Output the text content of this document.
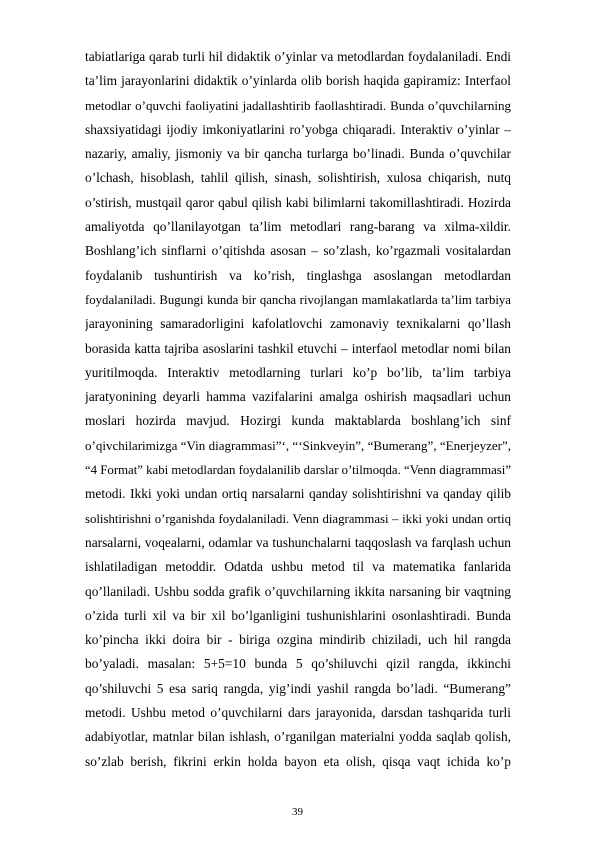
tabiatlariga qarab turli hil didaktik o’yinlar va metodlardan foydalaniladi. Endi
ta’lim jarayonlarini didaktik o’yinlarda olib borish haqida gapiramiz: Interfaol
metodlar o’quvchi faoliyatini jadallashtirib faollashtiradi. Bunda o’quvchilarning
shaxsiyatidagi ijodiy imkoniyatlarini ro’yobga chiqaradi. Interaktiv o’yinlar –
nazariy, amaliy, jismoniy va bir qancha turlarga bo’linadi. Bunda o’quvchilar
o’lchash, hisoblash, tahlil qilish, sinash, solishtirish, xulosa chiqarish, nutq
o’stirish, mustqail qaror qabul qilish kabi bilimlarni takomillashtiradi. Hozirda
amaliyotda qo’llanilayotgan ta’lim metodlari rang-barang va xilma-xildir.
Boshlang’ich sinflarni o’qitishda asosan – so’zlash, ko’rgazmali vositalardan
foydalanib tushuntirish va ko’rish, tinglashga asoslangan metodlardan
foydalaniladi. Bugungi kunda bir qancha rivojlangan mamlakatlarda ta’lim tarbiya
jarayonining samaradorligini kafolatlovchi zamonaviy texnikalarni qo’llash
borasida katta tajriba asoslarini tashkil etuvchi – interfaol metodlar nomi bilan
yuritilmoqda. Interaktiv metodlarning turlari ko’p bo’lib, ta’lim tarbiya
jaratyonining deyarli hamma vazifalarini amalga oshirish maqsadlari uchun
moslari hozirda mavjud. Hozirgi kunda maktablarda boshlang’ich sinf
o’qivchilarimizga “Vin diagrammasi”‘, “‘Sinkveyin”, “Bumerang”, “Enerjeyzer”,
“4 Format” kabi metodlardan foydalanilib darslar o’tilmoqda. “Venn diagrammasi”
metodi. Ikki yoki undan ortiq narsalarni qanday solishtirishni va qanday qilib
solishtirishni o’rganishda foydalaniladi. Venn diagrammasi – ikki yoki undan ortiq
narsalarni, voqealarni, odamlar va tushunchalarni taqqoslash va farqlash uchun
ishlatiladigan metoddir. Odatda ushbu metod til va matematika fanlarida
qo’llaniladi. Ushbu sodda grafik o’quvchilarning ikkita narsaning bir vaqtning
o’zida turli xil va bir xil bo’lganligini tushunishlarini osonlashtiradi. Bunda
ko’pincha ikki doira bir - biriga ozgina mindirib chiziladi, uch hil rangda
bo’yaladi. masalan: 5+5=10 bunda 5 qo’shiluvchi qizil rangda, ikkinchi
qo’shiluvchi 5 esa sariq rangda, yig’indi yashil rangda bo’ladi. “Bumerang”
metodi. Ushbu metod o’quvchilarni dars jarayonida, darsdan tashqarida turli
adabiyotlar, matnlar bilan ishlash, o’rganilgan materialni yodda saqlab qolish,
so’zlab berish, fikrini erkin holda bayon eta olish, qisqa vaqt ichida ko’p
39
